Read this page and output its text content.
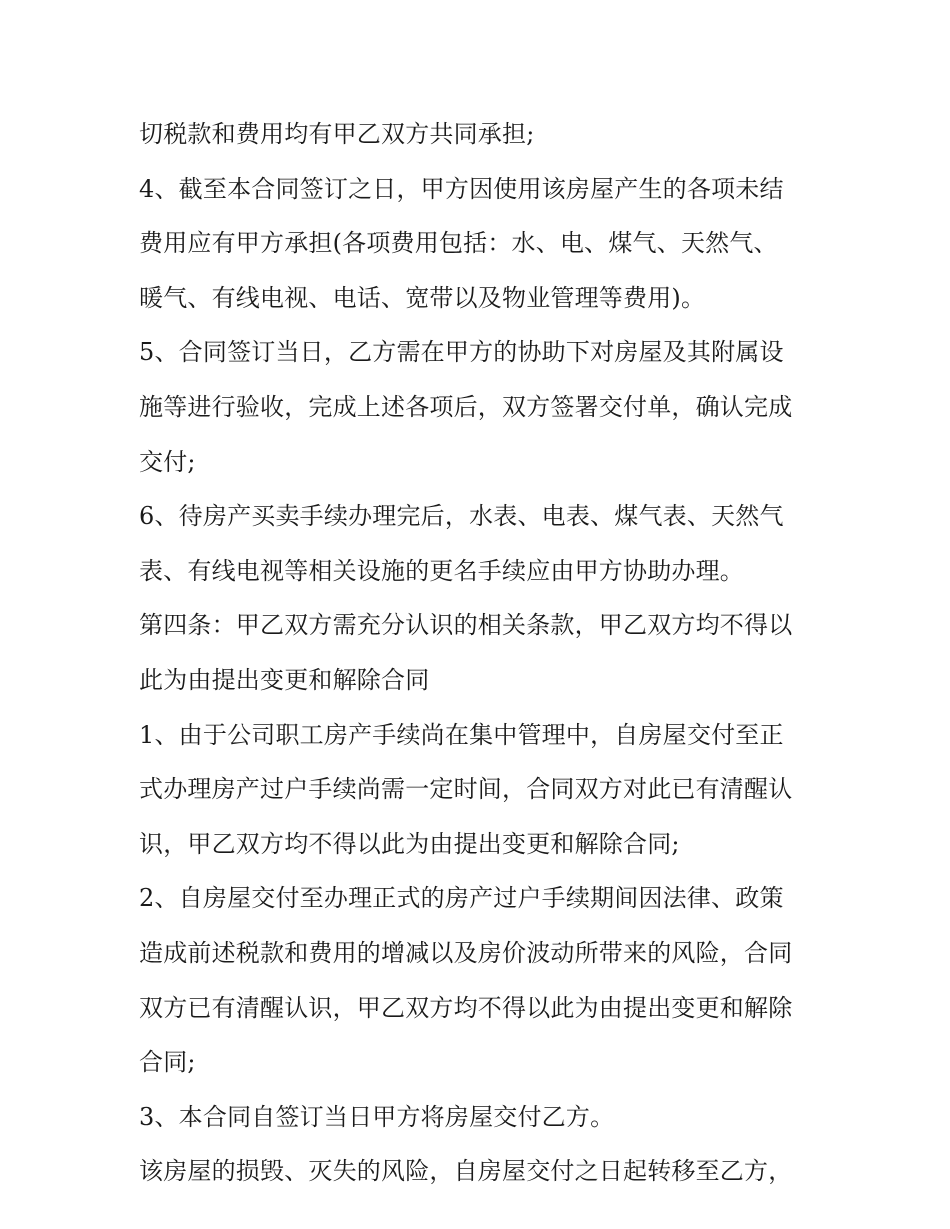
切税款和费用均有甲乙双方共同承担;
4、截至本合同签订之日，甲方因使用该房屋产生的各项未结
费用应有甲方承担(各项费用包括：水、电、煤气、天然气、
暖气、有线电视、电话、宽带以及物业管理等费用)。
5、合同签订当日，乙方需在甲方的协助下对房屋及其附属设
施等进行验收，完成上述各项后，双方签署交付单，确认完成
交付;
6、待房产买卖手续办理完后，水表、电表、煤气表、天然气
表、有线电视等相关设施的更名手续应由甲方协助办理。
第四条：甲乙双方需充分认识的相关条款，甲乙双方均不得以
此为由提出变更和解除合同
1、由于公司职工房产手续尚在集中管理中，自房屋交付至正
式办理房产过户手续尚需一定时间，合同双方对此已有清醒认
识，甲乙双方均不得以此为由提出变更和解除合同;
2、自房屋交付至办理正式的房产过户手续期间因法律、政策
造成前述税款和费用的增减以及房价波动所带来的风险，合同
双方已有清醒认识，甲乙双方均不得以此为由提出变更和解除
合同;
3、本合同自签订当日甲方将房屋交付乙方。
该房屋的损毁、灭失的风险，自房屋交付之日起转移至乙方，
